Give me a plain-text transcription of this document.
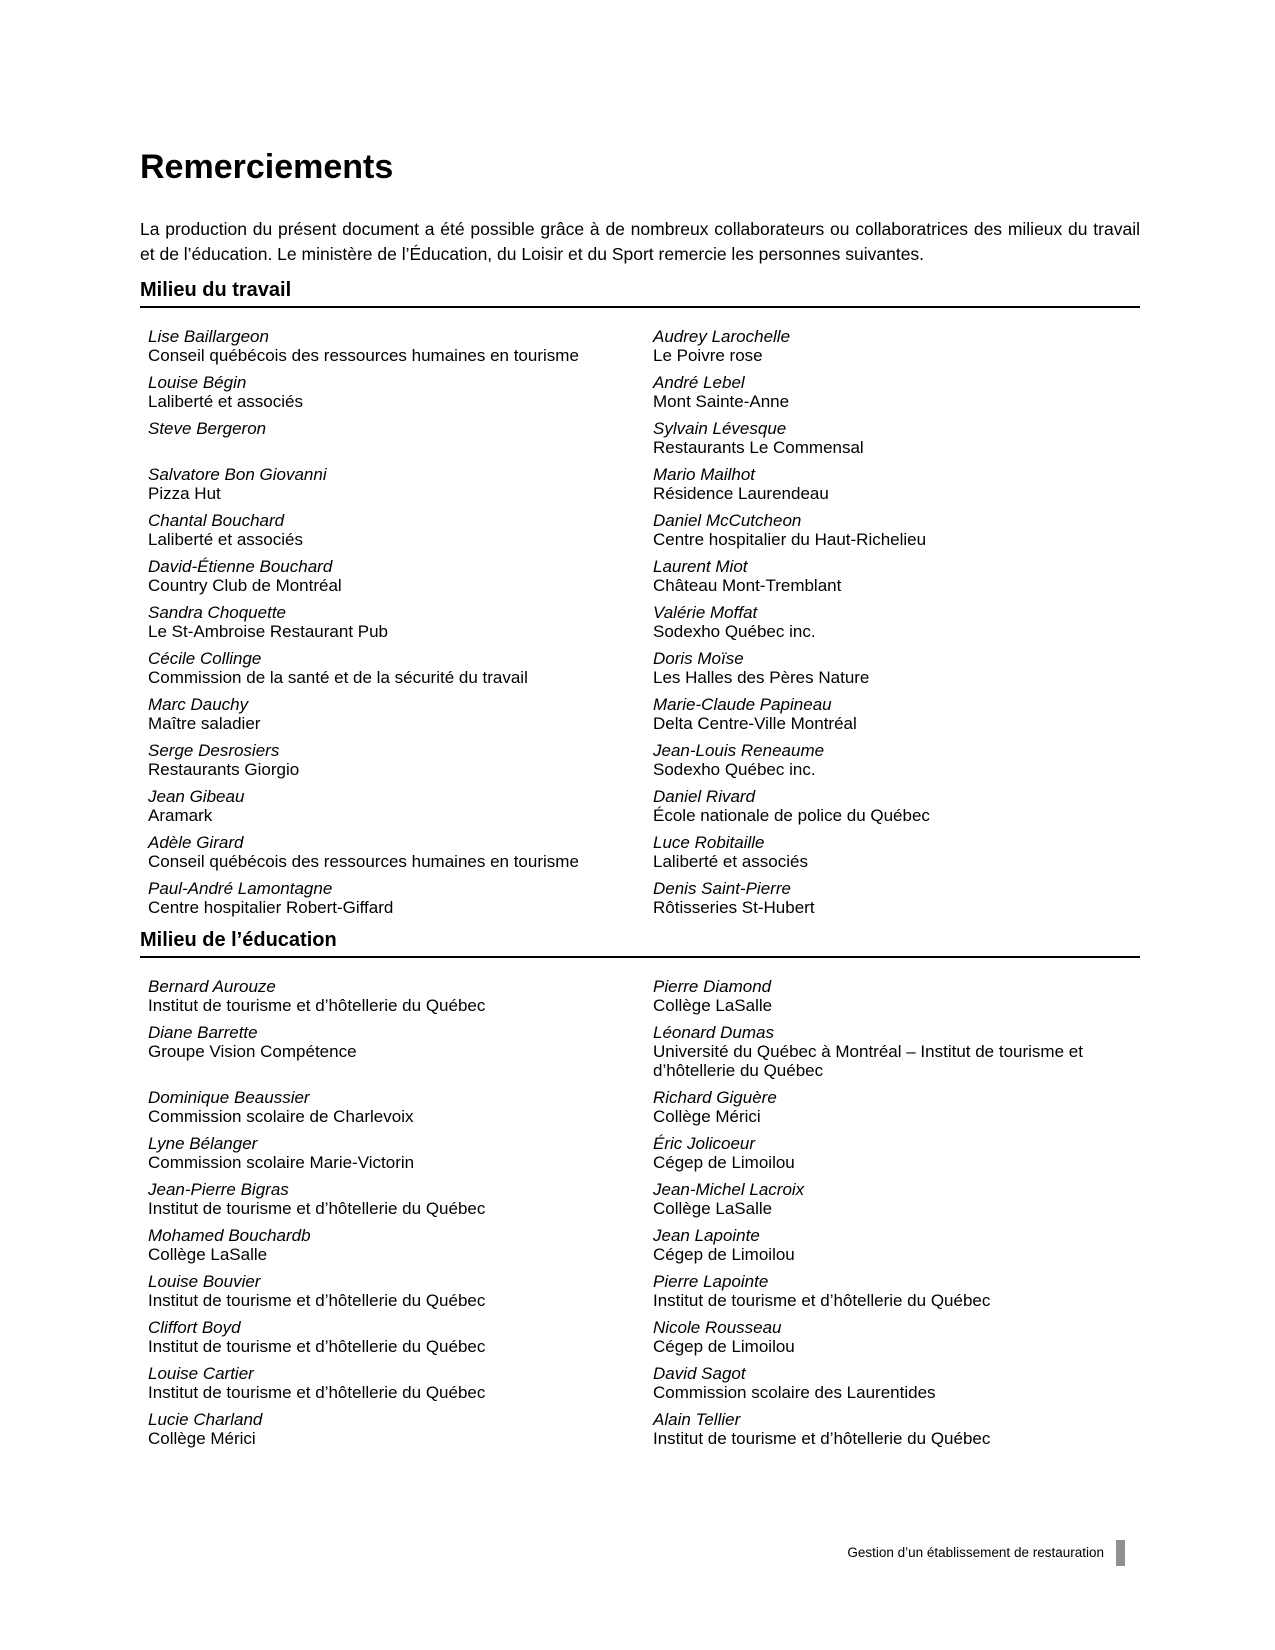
Remerciements

La production du présent document a été possible grâce à de nombreux collaborateurs ou collaboratrices des milieux du travail et de l’éducation. Le ministère de l’Éducation, du Loisir et du Sport remercie les personnes suivantes.

Milieu du travail
Lise Baillargeon
Conseil québécois des ressources humaines en tourisme
Audrey Larochelle
Le Poivre rose
Louise Bégin
Laliberté et associés
André Lebel
Mont Sainte-Anne
Steve Bergeron	Sylvain Lévesque
Restaurants Le Commensal
Salvatore Bon Giovanni
Pizza Hut
Mario Mailhot
Résidence Laurendeau
Chantal Bouchard
Laliberté et associés
Daniel McCutcheon
Centre hospitalier du Haut-Richelieu
David-Étienne Bouchard
Country Club de Montréal
Laurent Miot
Château Mont-Tremblant
Sandra Choquette
Le St-Ambroise Restaurant Pub
Valérie Moffat
Sodexho Québec inc.
Cécile Collinge
Commission de la santé et de la sécurité du travail
Doris Moïse
Les Halles des Pères Nature
Marc Dauchy
Maître saladier
Marie-Claude Papineau
Delta Centre-Ville Montréal
Serge Desrosiers
Restaurants Giorgio
Jean-Louis Reneaume
Sodexho Québec inc.
Jean Gibeau
Aramark
Daniel Rivard
École nationale de police du Québec
Adèle Girard
Conseil québécois des ressources humaines en tourisme
Luce Robitaille
Laliberté et associés
Paul-André Lamontagne
Centre hospitalier Robert-Giffard
Denis Saint-Pierre
Rôtisseries St-Hubert
Milieu de l’éducation
Bernard Aurouze
Institut de tourisme et d’hôtellerie du Québec
Pierre Diamond
Collège LaSalle
Diane Barrette
Groupe Vision Compétence
Léonard Dumas
Université du Québec à Montréal – Institut de tourisme et d’hôtellerie du Québec
Dominique Beaussier
Commission scolaire de Charlevoix
Richard Giguère
Collège Mérici
Lyne Bélanger
Commission scolaire Marie-Victorin
Éric Jolicoeur
Cégep de Limoilou
Jean-Pierre Bigras
Institut de tourisme et d’hôtellerie du Québec
Jean-Michel Lacroix
Collège LaSalle
Mohamed Bouchardb
Collège LaSalle
Jean Lapointe
Cégep de Limoilou
Louise Bouvier
Institut de tourisme et d’hôtellerie du Québec
Pierre Lapointe
Institut de tourisme et d’hôtellerie du Québec
Cliffort Boyd
Institut de tourisme et d’hôtellerie du Québec
Nicole Rousseau
Cégep de Limoilou
Louise Cartier
Institut de tourisme et d’hôtellerie du Québec
David Sagot
Commission scolaire des Laurentides
Lucie Charland
Collège Mérici
Alain Tellier
Institut de tourisme et d’hôtellerie du Québec
Gestion d’un établissement de restauration
